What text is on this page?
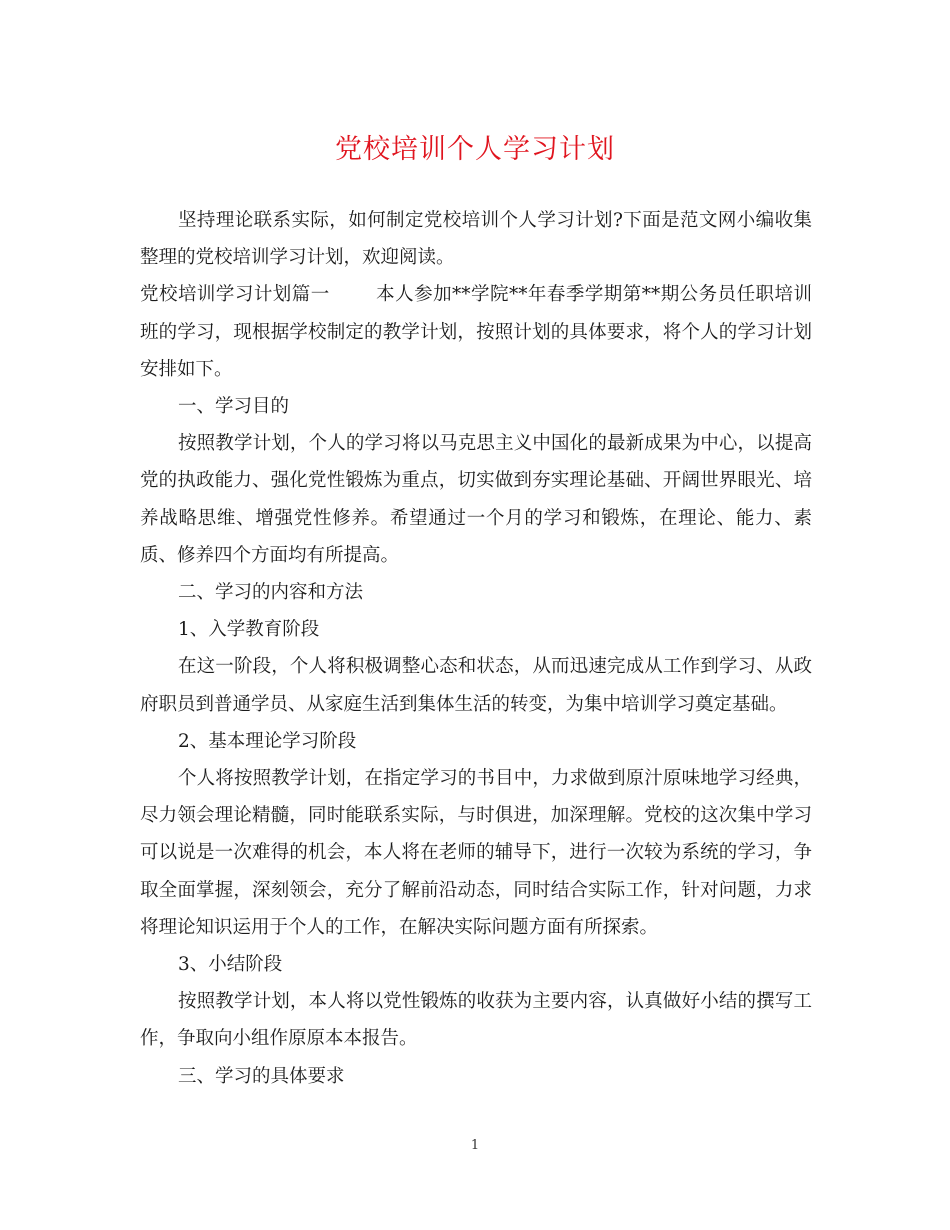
党校培训个人学习计划

坚持理论联系实际，如何制定党校培训个人学习计划?下面是范文网小编收集整理的党校培训学习计划，欢迎阅读。

党校培训学习计划篇一 本人参加**学院**年春季学期第**期公务员任职培训班的学习，现根据学校制定的教学计划，按照计划的具体要求，将个人的学习计划安排如下。

一、学习目的

按照教学计划，个人的学习将以马克思主义中国化的最新成果为中心，以提高党的执政能力、强化党性锻炼为重点，切实做到夯实理论基础、开阔世界眼光、培养战略思维、增强党性修养。希望通过一个月的学习和锻炼，在理论、能力、素质、修养四个方面均有所提高。

二、学习的内容和方法

1、入学教育阶段

在这一阶段，个人将积极调整心态和状态，从而迅速完成从工作到学习、从政府职员到普通学员、从家庭生活到集体生活的转变，为集中培训学习奠定基础。

2、基本理论学习阶段

个人将按照教学计划，在指定学习的书目中，力求做到原汁原味地学习经典，尽力领会理论精髓，同时能联系实际，与时俱进，加深理解。党校的这次集中学习可以说是一次难得的机会，本人将在老师的辅导下，进行一次较为系统的学习，争取全面掌握，深刻领会，充分了解前沿动态，同时结合实际工作，针对问题，力求将理论知识运用于个人的工作，在解决实际问题方面有所探索。

3、小结阶段

按照教学计划，本人将以党性锻炼的收获为主要内容，认真做好小结的撰写工作，争取向小组作原原本本报告。

三、学习的具体要求

1
